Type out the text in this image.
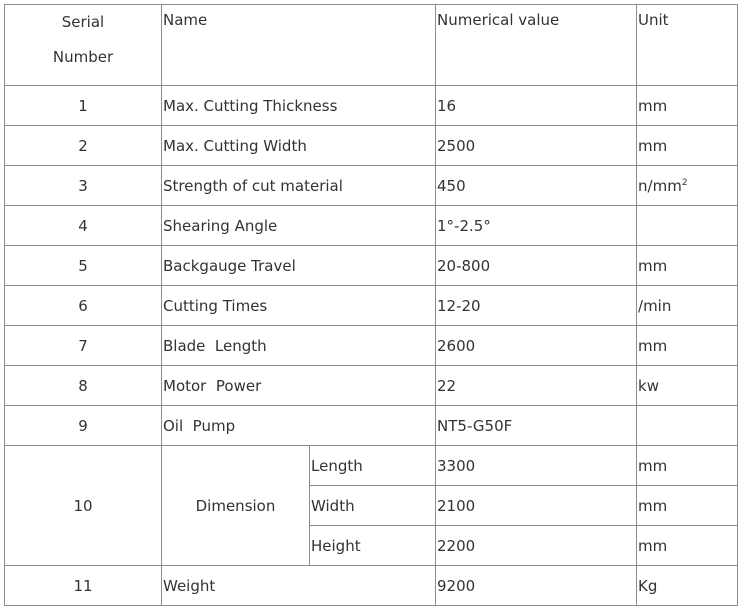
Serial
Number	Name		Numerical value	Unit
1	Max. Cutting Thickness		16	mm
2	Max. Cutting Width		2500	mm
3	Strength of cut material		450	$n/mm^2$
4	Shearing Angle		1°-2.5°	
5	Backgauge Travel		20-800	mm
6	Cutting Times		12-20	/min
7	Blade  Length		2600	mm
8	Motor  Power		22	kw
9	Oil  Pump		NT5-G50F	
10	Dimension	Length	3300	mm
		Width	2100	mm
		Height	2200	mm
11	Weight		9200	Kg
